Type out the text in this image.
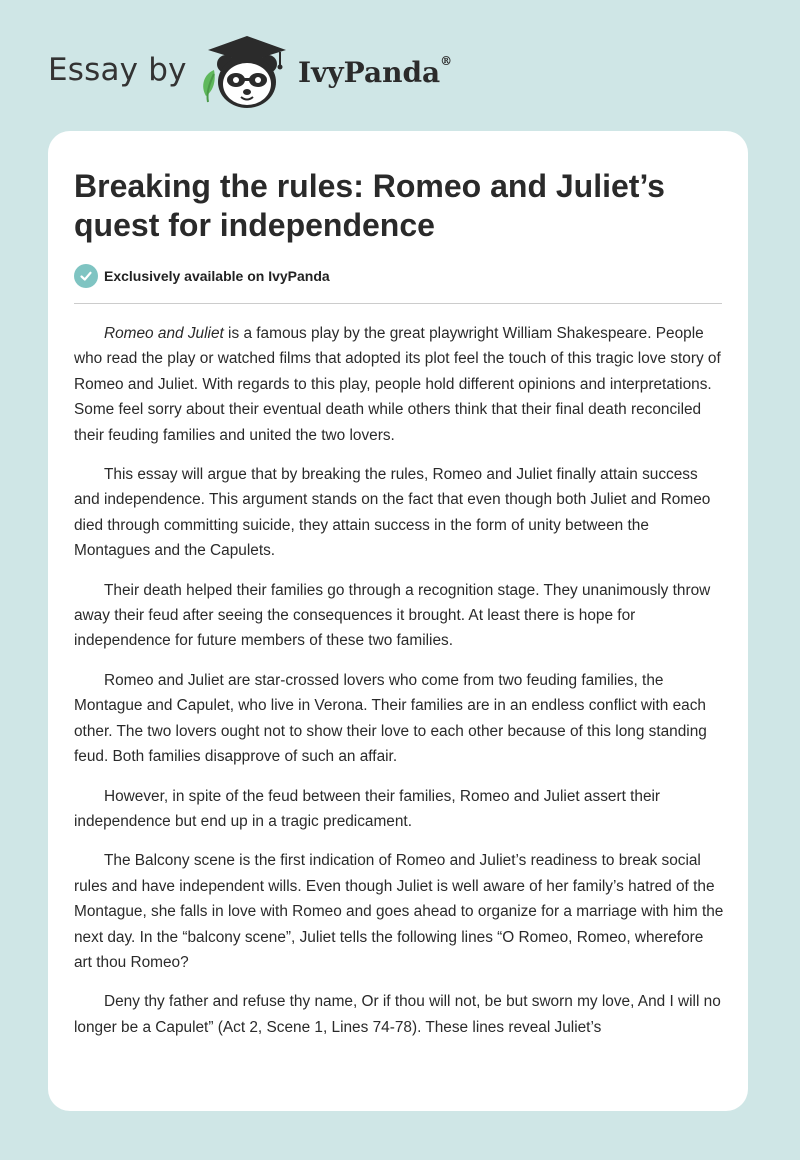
Essay by	IvyPanda®
Breaking the rules: Romeo and Juliet’s quest for independence
Exclusively available on IvyPanda

Romeo and Juliet is a famous play by the great playwright William Shakespeare. People who read the play or watched films that adopted its plot feel the touch of this tragic love story of Romeo and Juliet. With regards to this play, people hold different opinions and interpretations. Some feel sorry about their eventual death while others think that their final death reconciled their feuding families and united the two lovers.

This essay will argue that by breaking the rules, Romeo and Juliet finally attain success and independence. This argument stands on the fact that even though both Juliet and Romeo died through committing suicide, they attain success in the form of unity between the Montagues and the Capulets.

Their death helped their families go through a recognition stage. They unanimously throw away their feud after seeing the consequences it brought. At least there is hope for independence for future members of these two families.

Romeo and Juliet are star-crossed lovers who come from two feuding families, the Montague and Capulet, who live in Verona. Their families are in an endless conflict with each other. The two lovers ought not to show their love to each other because of this long standing feud. Both families disapprove of such an affair.

However, in spite of the feud between their families, Romeo and Juliet assert their independence but end up in a tragic predicament.

The Balcony scene is the first indication of Romeo and Juliet’s readiness to break social rules and have independent wills. Even though Juliet is well aware of her family’s hatred of the Montague, she falls in love with Romeo and goes ahead to organize for a marriage with him the next day. In the “balcony scene”, Juliet tells the following lines “O Romeo, Romeo, wherefore art thou Romeo?

Deny thy father and refuse thy name, Or if thou will not, be but sworn my love, And I will no longer be a Capulet” (Act 2, Scene 1, Lines 74-78). These lines reveal Juliet’s
